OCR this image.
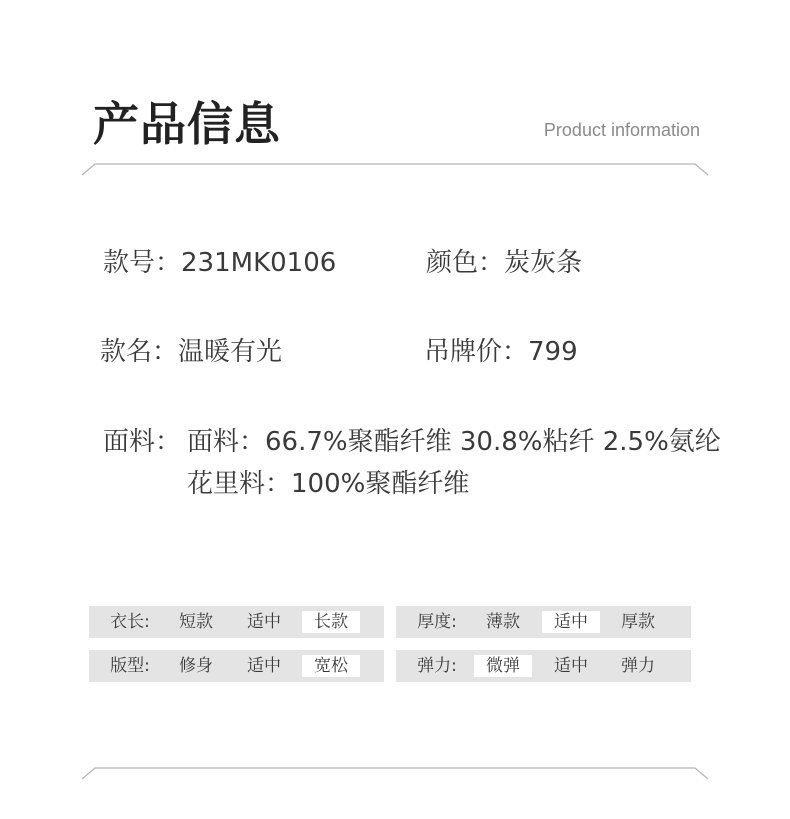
产品信息	Product information
款号：231MK0106	颜色：炭灰条
款名：温暖有光	吊牌价：799
面料： 面料：66.7%聚酯纤维 30.8%粘纤 2.5%氨纶
花里料：100%聚酯纤维
衣长:	短款	适中	长款	厚度:	薄款	适中	厚款
版型:	修身	适中	宽松	弹力:	微弹	适中	弹力
